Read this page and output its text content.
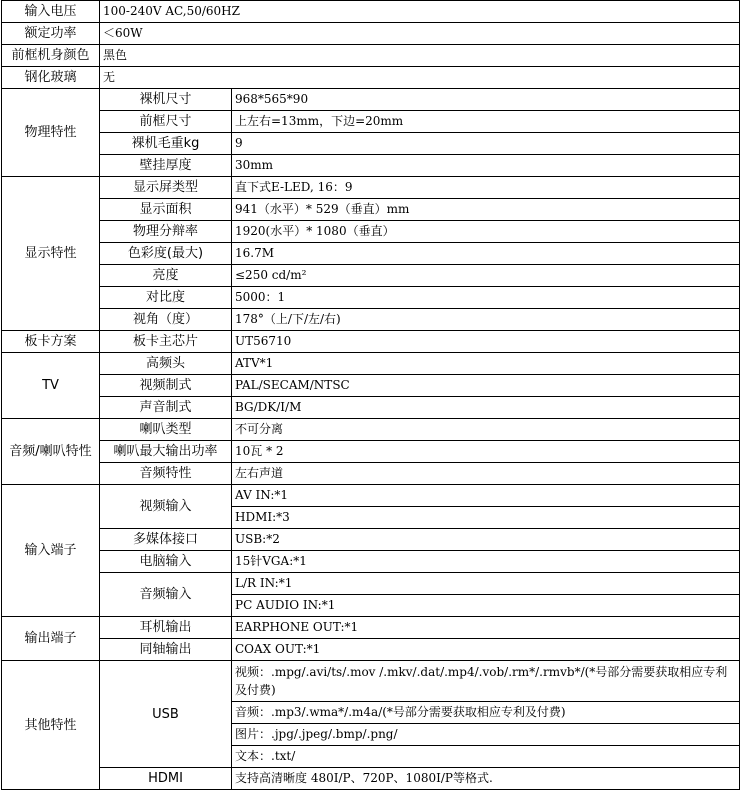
输入电压	100-240V AC,50/60HZ	
额定功率	＜60W	
前框机身颜色	黑色	
钢化玻璃	无	
物理特性	裸机尺寸	968*565*90
	前框尺寸	上左右=13mm，下边=20mm
	裸机毛重kg	9
	壁挂厚度	30mm
显示特性	显示屏类型	直下式E-LED, 16：9
	显示面积	941（水平）* 529（垂直）mm
	物理分辩率	1920(水平）* 1080（垂直）
	色彩度(最大)	16.7M
	亮度	≤250 cd/m²
	对比度	5000：1
	视角（度）	178°（上/下/左/右)
板卡方案	板卡主芯片	UT56710
TV	高频头	ATV*1
	视频制式	PAL/SECAM/NTSC
	声音制式	BG/DK/I/M
音频/喇叭特性	喇叭类型	不可分离
	喇叭最大输出功率	10瓦 * 2
	音频特性	左右声道
输入端子	视频输入	AV IN:*1
		HDMI:*3
	多媒体接口	USB:*2
	电脑输入	15针VGA:*1
	音频输入	L/R IN:*1
		PC AUDIO IN:*1
输出端子	耳机输出	EARPHONE OUT:*1
	同轴输出	COAX OUT:*1
其他特性	USB	视频：.mpg/.avi/ts/.mov /.mkv/.dat/.mp4/.vob/.rm*/.rmvb*/(*号部分需要获取相应专利及付费)
		音频：.mp3/.wma*/.m4a/(*号部分需要获取相应专利及付费)
		图片：.jpg/.jpeg/.bmp/.png/
		文本：.txt/
	HDMI	支持高清晰度 480I/P、720P、1080I/P等格式.
